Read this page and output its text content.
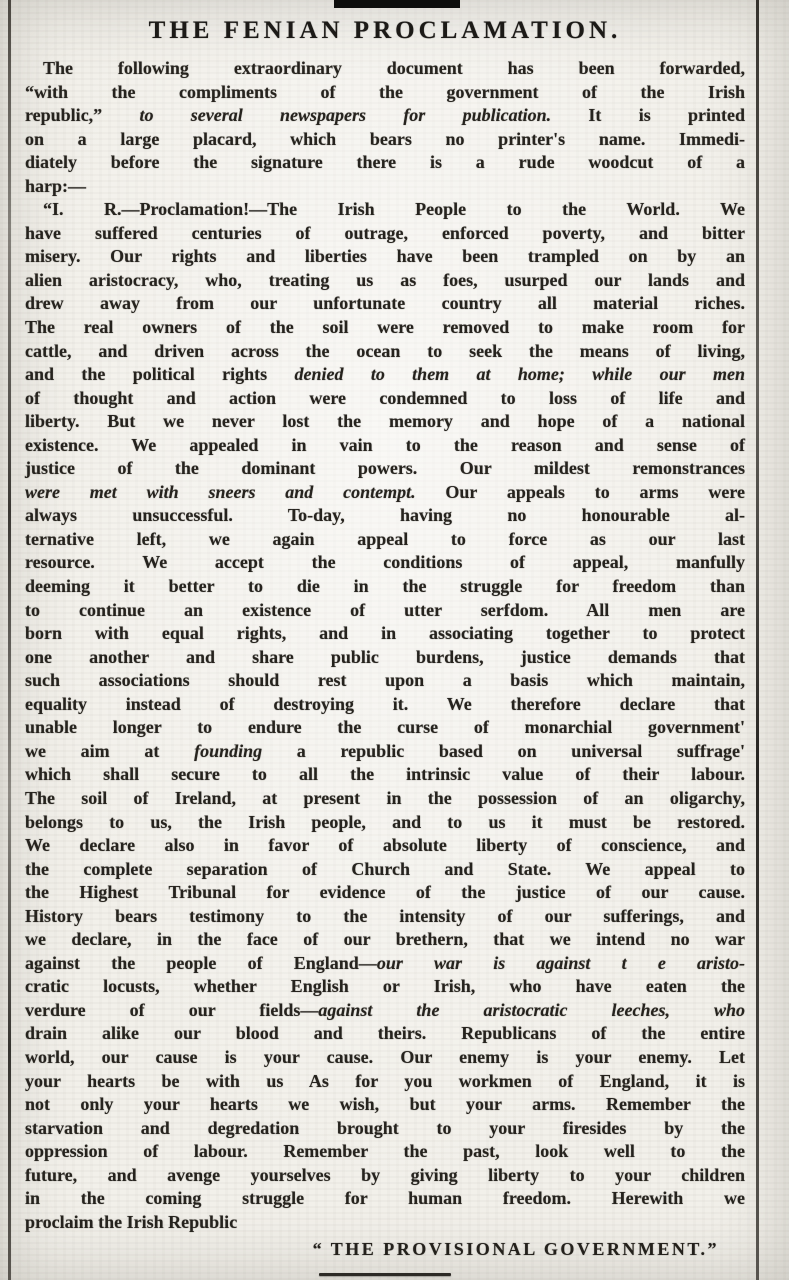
THE FENIAN PROCLAMATION.
The following extraordinary document has been forwarded,
“with the compliments of the government of the Irish
republic,” to several newspapers for publication. It is printed
on a large placard, which bears no printer's name. Immedi-
diately before the signature there is a rude woodcut of a
harp:—
“I. R.—Proclamation!—The Irish People to the World. We
have suffered centuries of outrage, enforced poverty, and bitter
misery. Our rights and liberties have been trampled on by an
alien aristocracy, who, treating us as foes, usurped our lands and
drew away from our unfortunate country all material riches.
The real owners of the soil were removed to make room for
cattle, and driven across the ocean to seek the means of living,
and the political rights denied to them at home; while our men
of thought and action were condemned to loss of life and
liberty. But we never lost the memory and hope of a national
existence. We appealed in vain to the reason and sense of
justice of the dominant powers. Our mildest remonstrances
were met with sneers and contempt. Our appeals to arms were
always unsuccessful. To-day, having no honourable al-
ternative left, we again appeal to force as our last
resource. We accept the conditions of appeal, manfully
deeming it better to die in the struggle for freedom than
to continue an existence of utter serfdom. All men are
born with equal rights, and in associating together to protect
one another and share public burdens, justice demands that
such associations should rest upon a basis which maintain,
equality instead of destroying it. We therefore declare that
unable longer to endure the curse of monarchial government'
we aim at founding a republic based on universal suffrage'
which shall secure to all the intrinsic value of their labour.
The soil of Ireland, at present in the possession of an oligarchy,
belongs to us, the Irish people, and to us it must be restored.
We declare also in favor of absolute liberty of conscience, and
the complete separation of Church and State. We appeal to
the Highest Tribunal for evidence of the justice of our cause.
History bears testimony to the intensity of our sufferings, and
we declare, in the face of our brethern, that we intend no war
against the people of England—our war is against t e aristo-
cratic locusts, whether English or Irish, who have eaten the
verdure of our fields—against the aristocratic leeches, who
drain alike our blood and theirs. Republicans of the entire
world, our cause is your cause. Our enemy is your enemy. Let
your hearts be with us As for you workmen of England, it is
not only your hearts we wish, but your arms. Remember the
starvation and degredation brought to your firesides by the
oppression of labour. Remember the past, look well to the
future, and avenge yourselves by giving liberty to your children
in the coming struggle for human freedom. Herewith we
proclaim the Irish Republic
“ THE PROVISIONAL GOVERNMENT.”
